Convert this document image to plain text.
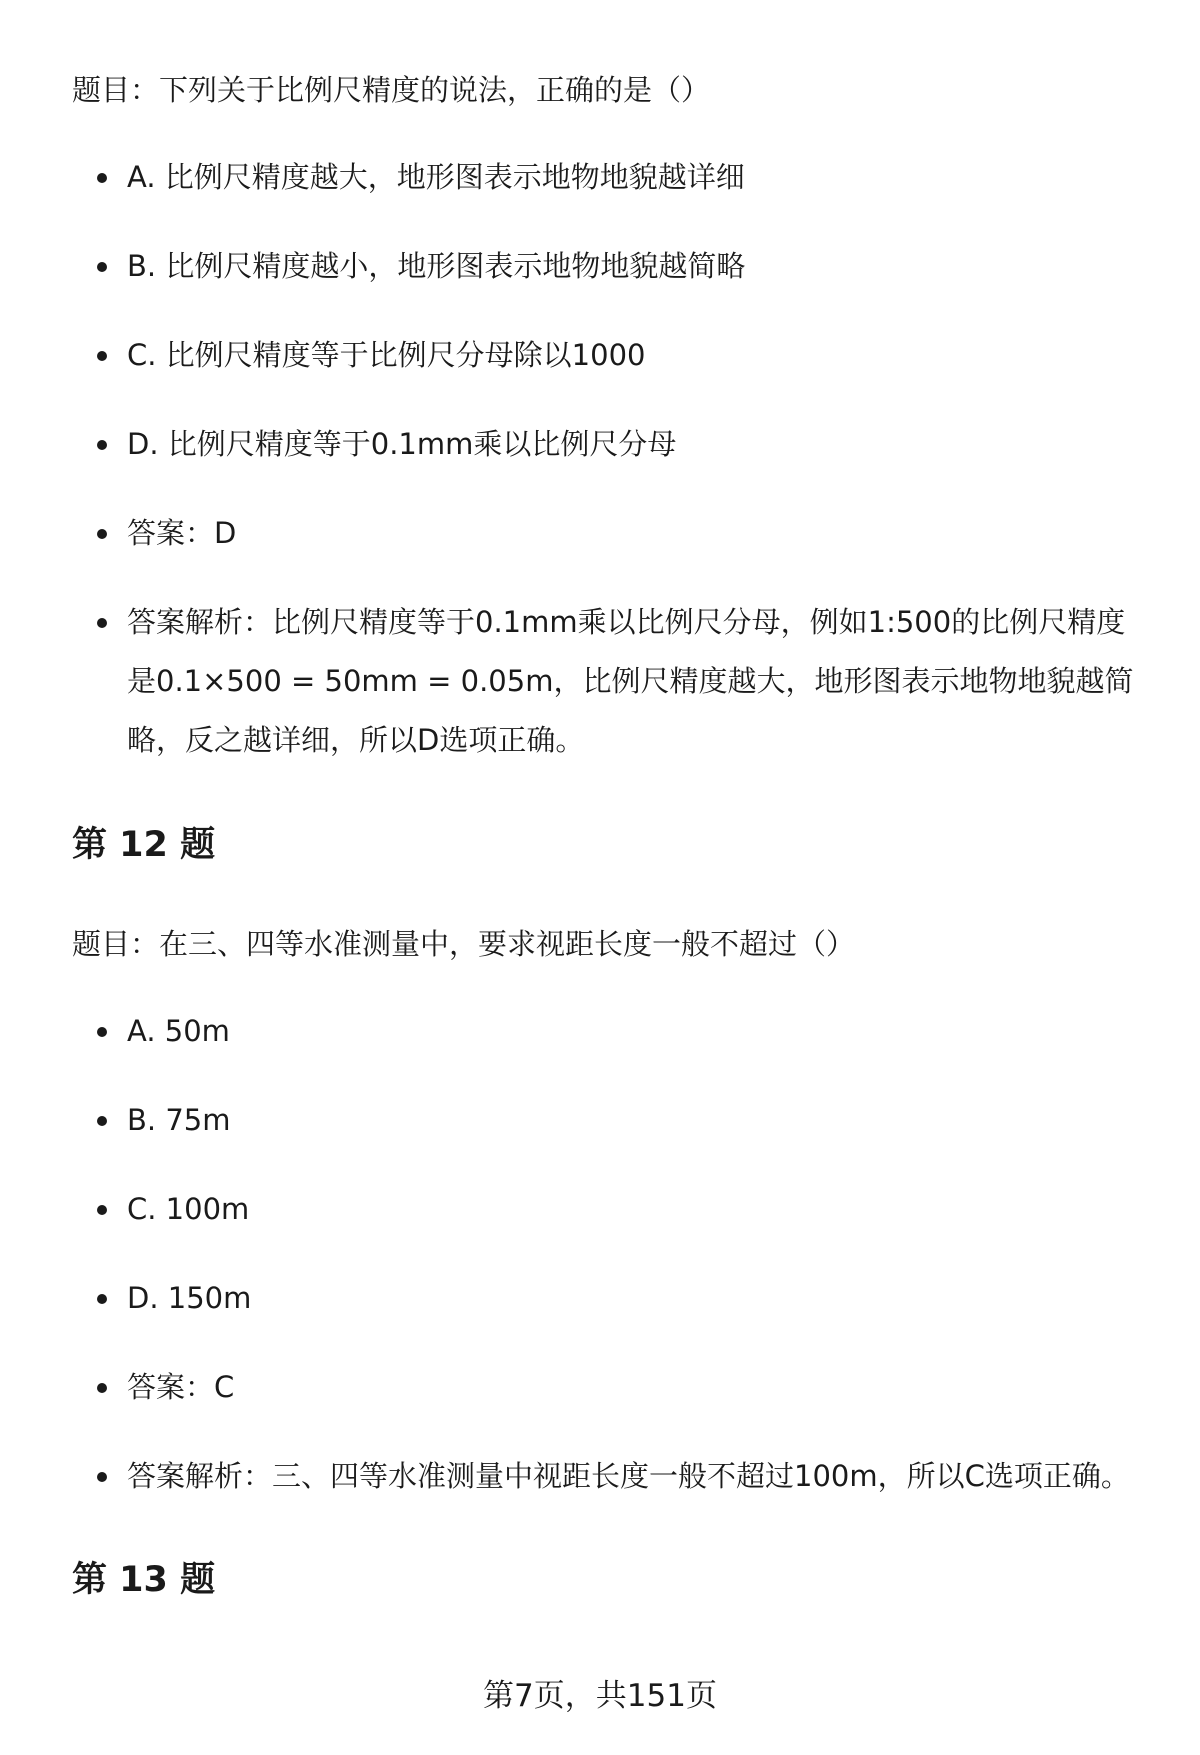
题目：下列关于比例尺精度的说法，正确的是（）

A. 比例尺精度越大，地形图表示地物地貌越详细
B. 比例尺精度越小，地形图表示地物地貌越简略
C. 比例尺精度等于比例尺分母除以1000
D. 比例尺精度等于0.1mm乘以比例尺分母
答案：D
答案解析：比例尺精度等于0.1mm乘以比例尺分母，例如1:500的比例尺精度是0.1×500 = 50mm = 0.05m，比例尺精度越大，地形图表示地物地貌越简略，反之越详细，所以D选项正确。
第 12 题

题目：在三、四等水准测量中，要求视距长度一般不超过（）

A. 50m
B. 75m
C. 100m
D. 150m
答案：C
答案解析：三、四等水准测量中视距长度一般不超过100m，所以C选项正确。
第 13 题
第7页，共151页
